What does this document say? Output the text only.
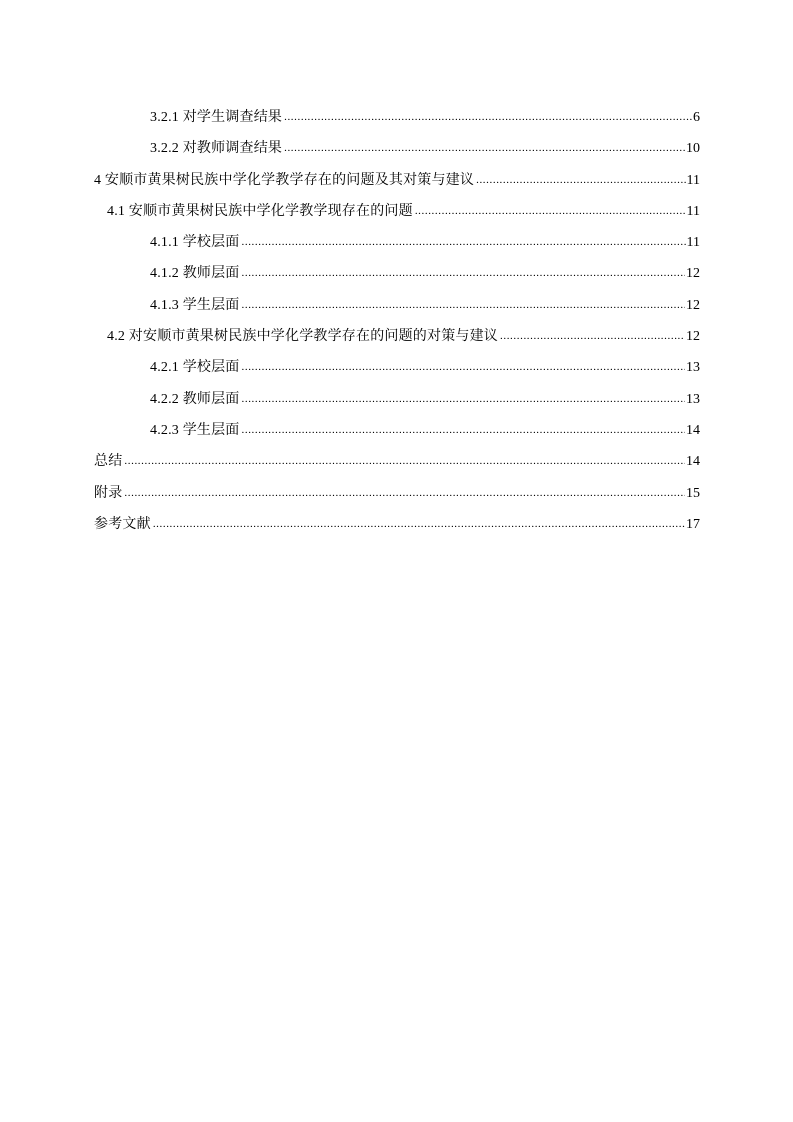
3.2.1 对学生调查结果 .....	6
3.2.2 对教师调查结果 .....	10
4 安顺市黄果树民族中学化学教学存在的问题及其对策与建议 .....	11
4.1 安顺市黄果树民族中学化学教学现存在的问题 .....	11
4.1.1 学校层面 .....	11
4.1.2 教师层面 .....	12
4.1.3 学生层面 .....	12
4.2 对安顺市黄果树民族中学化学教学存在的问题的对策与建议 .....	12
4.2.1 学校层面 .....	13
4.2.2 教师层面 .....	13
4.2.3 学生层面 .....	14
总结 .....	14
附录 .....	15
参考文献 .....	17
